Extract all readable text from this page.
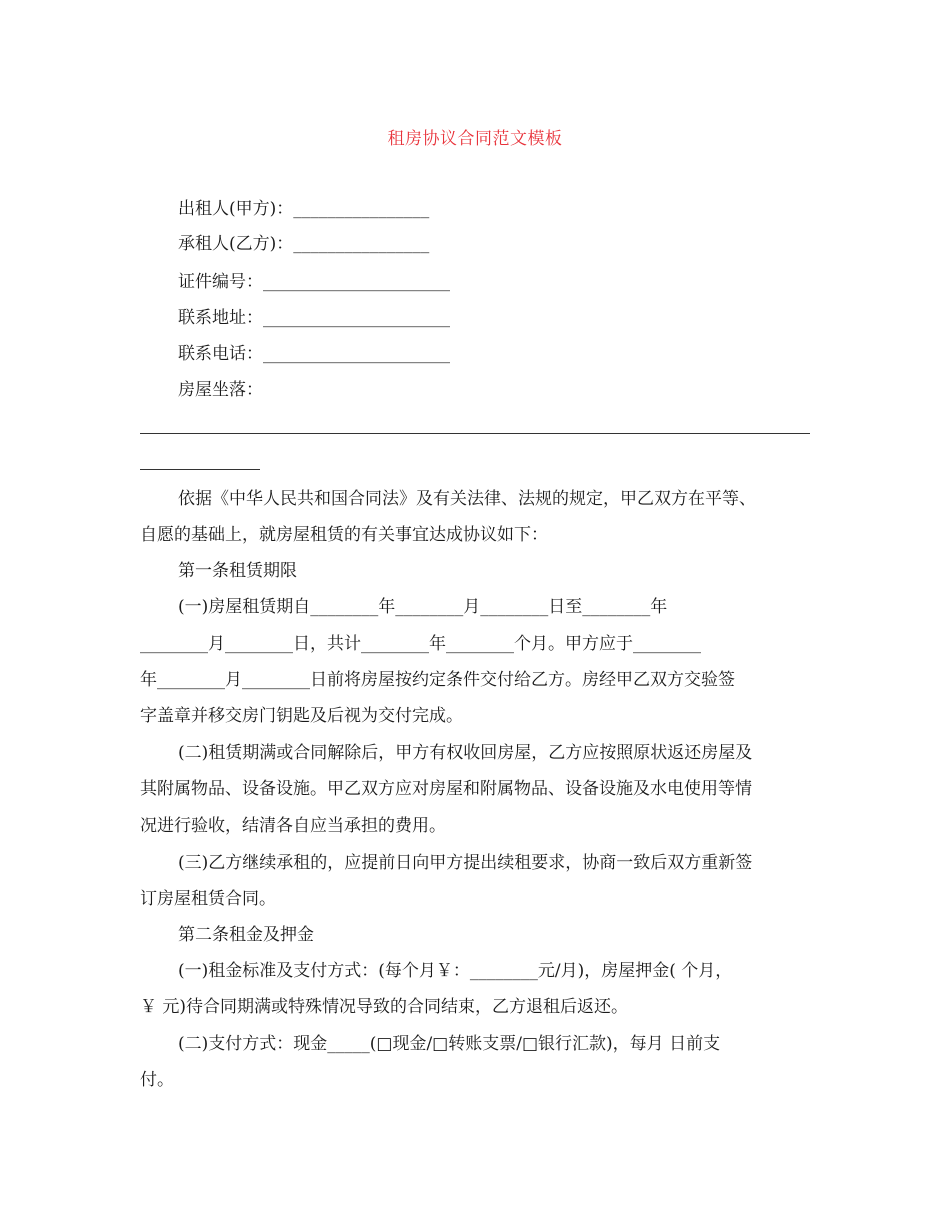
租房协议合同范文模板
出租人(甲方)：________________
承租人(乙方)：________________
证件编号：______________________
联系地址：______________________
联系电话：______________________
房屋坐落：
依据《中华人民共和国合同法》及有关法律、法规的规定，甲乙双方在平等、
自愿的基础上，就房屋租赁的有关事宜达成协议如下：
第一条租赁期限
(一)房屋租赁期自________年________月________日至________年
________月________日，共计________年________个月。甲方应于________
年________月________日前将房屋按约定条件交付给乙方。房经甲乙双方交验签
字盖章并移交房门钥匙及后视为交付完成。
(二)租赁期满或合同解除后，甲方有权收回房屋，乙方应按照原状返还房屋及
其附属物品、设备设施。甲乙双方应对房屋和附属物品、设备设施及水电使用等情
况进行验收，结清各自应当承担的费用。
(三)乙方继续承租的，应提前日向甲方提出续租要求，协商一致后双方重新签
订房屋租赁合同。
第二条租金及押金
(一)租金标准及支付方式：(每个月￥：________元/月)，房屋押金( 个月，
￥ 元)待合同期满或特殊情况导致的合同结束，乙方退租后返还。
(二)支付方式：现金_____(□现金/□转账支票/□银行汇款)，每月 日前支
付。
